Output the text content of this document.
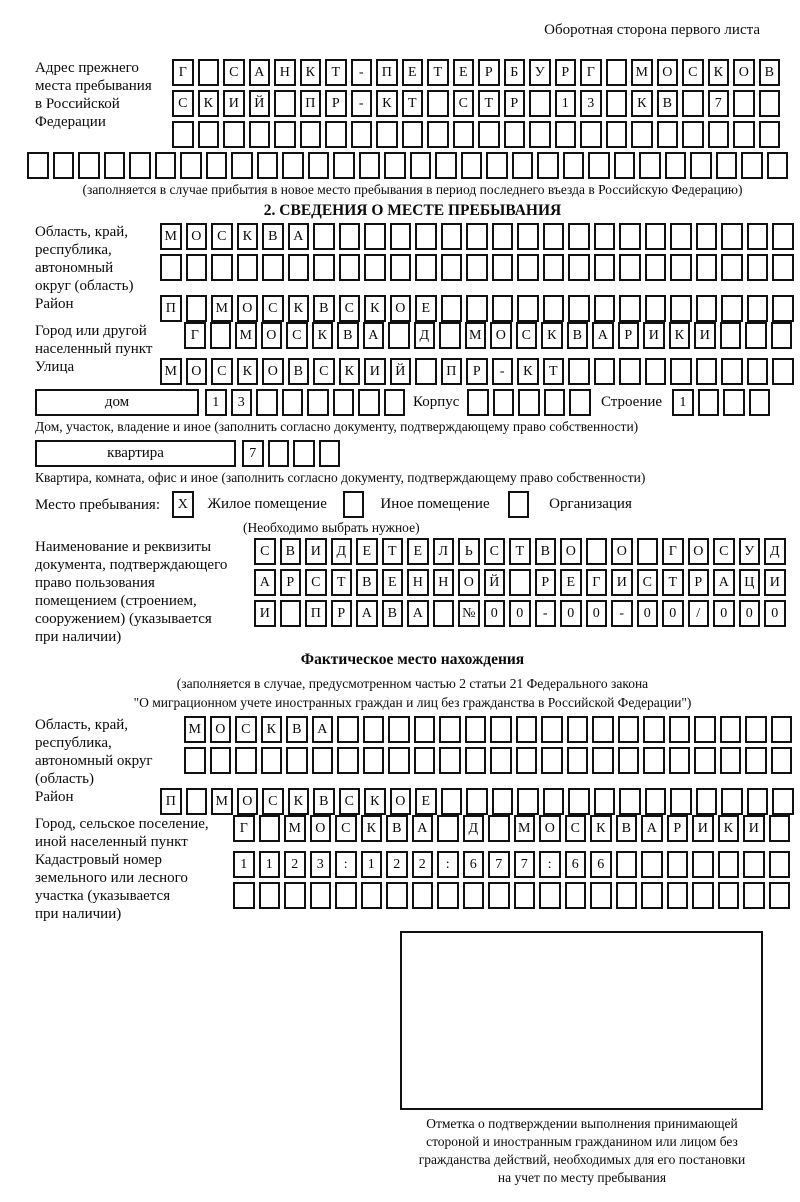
Оборотная сторона первого листа
Адрес прежнего
места пребывания
в Российской
Федерации
Г	С	А	Н	К	Т	-	П	Е	Т	Е	Р	Б	У	Р	Г	М	О	С	К	О	В
С	К	И	Й	П	Р	-	К	Т	С	Т	Р	1	3	К	В	7
(заполняется в случае прибытия в новое место пребывания в период последнего въезда в Российскую Федерацию)
2. СВЕДЕНИЯ О МЕСТЕ ПРЕБЫВАНИЯ
Область, край,
республика,
автономный
округ (область)
М	О	С	К	В	А
Район	П	М	О	С	К	В	С	К	О	Е
Город или другой
населенный пункт
Г	М	О	С	К	В	А	Д	М	О	С	К	В	А	Р	И	К	И
Улица	М	О	С	К	О	В	С	К	И	Й	П	Р	-	К	Т
дом	1	3	Корпус	Строение	1
Дом, участок, владение и иное (заполнить согласно документу, подтверждающему право собственности)
квартира	7
Квартира, комната, офис и иное (заполнить согласно документу, подтверждающему право собственности)
Место пребывания:	X	Жилое помещение	Иное помещение	Организация
(Необходимо выбрать нужное)
Наименование и реквизиты
документа, подтверждающего
право пользования
помещением (строением,
сооружением) (указывается
при наличии)
С	В	И	Д	Е	Т	Е	Л	Ь	С	Т	В	О	О	Г	О	С	У	Д
А	Р	С	Т	В	Е	Н	Н	О	Й	Р	Е	Г	И	С	Т	Р	А	Ц	И
И	П	Р	А	В	А	№	0	0	-	0	0	-	0	0	/	0	0	0
Фактическое место нахождения
(заполняется в случае, предусмотренном частью 2 статьи 21 Федерального закона
"О миграционном учете иностранных граждан и лиц без гражданства в Российской Федерации")
Область, край,
республика,
автономный округ
(область)
М	О	С	К	В	А
Район	П	М	О	С	К	В	С	К	О	Е
Город, сельское поселение,
иной населенный пункт
Г	М	О	С	К	В	А	Д	М	О	С	К	В	А	Р	И	К	И
Кадастровый номер
земельного или лесного
участка (указывается
при наличии)
1	1	2	3	:	1	2	2	:	6	7	7	:	6	6
Отметка о подтверждении выполнения принимающей
стороной и иностранным гражданином или лицом без
гражданства действий, необходимых для его постановки
на учет по месту пребывания
